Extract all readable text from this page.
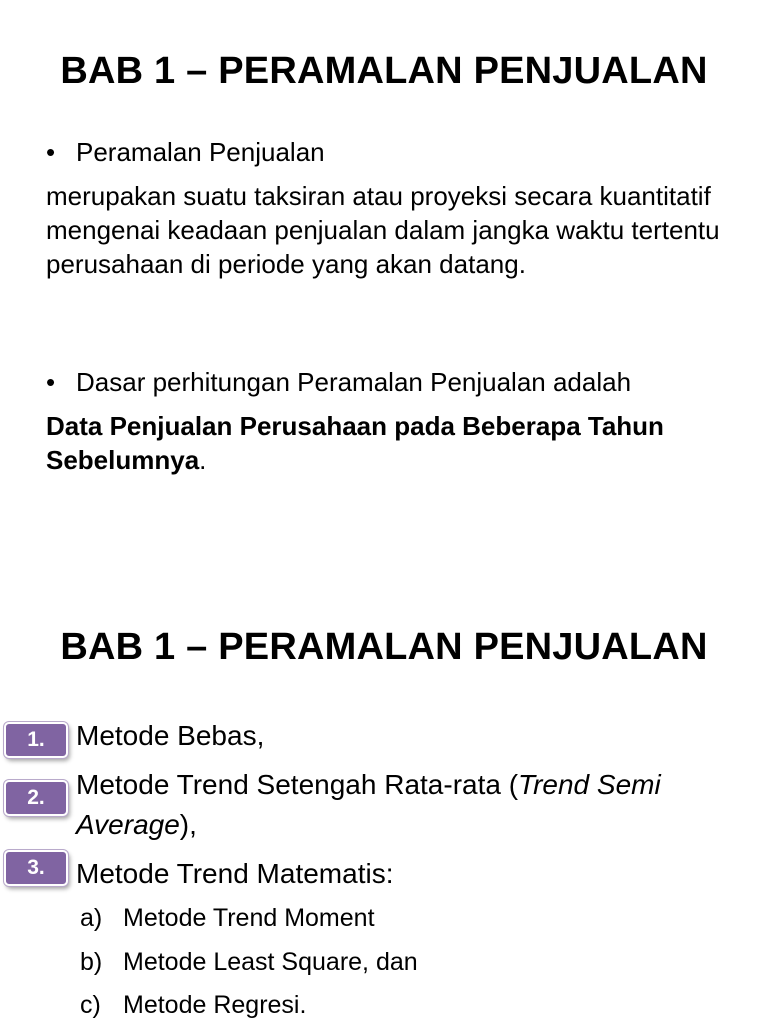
BAB 1 – PERAMALAN PENJUALAN
• Peramalan Penjualan
merupakan suatu taksiran atau proyeksi secara kuantitatif mengenai keadaan penjualan dalam jangka waktu tertentu perusahaan di periode yang akan datang.
• Dasar perhitungan Peramalan Penjualan adalah
Data Penjualan Perusahaan pada Beberapa Tahun Sebelumnya.
BAB 1 – PERAMALAN PENJUALAN
1.	Metode Bebas,
2.	Metode Trend Setengah Rata-rata (Trend Semi Average),
3.	Metode Trend Matematis:
a) Metode Trend Moment
b) Metode Least Square, dan
c) Metode Regresi.
